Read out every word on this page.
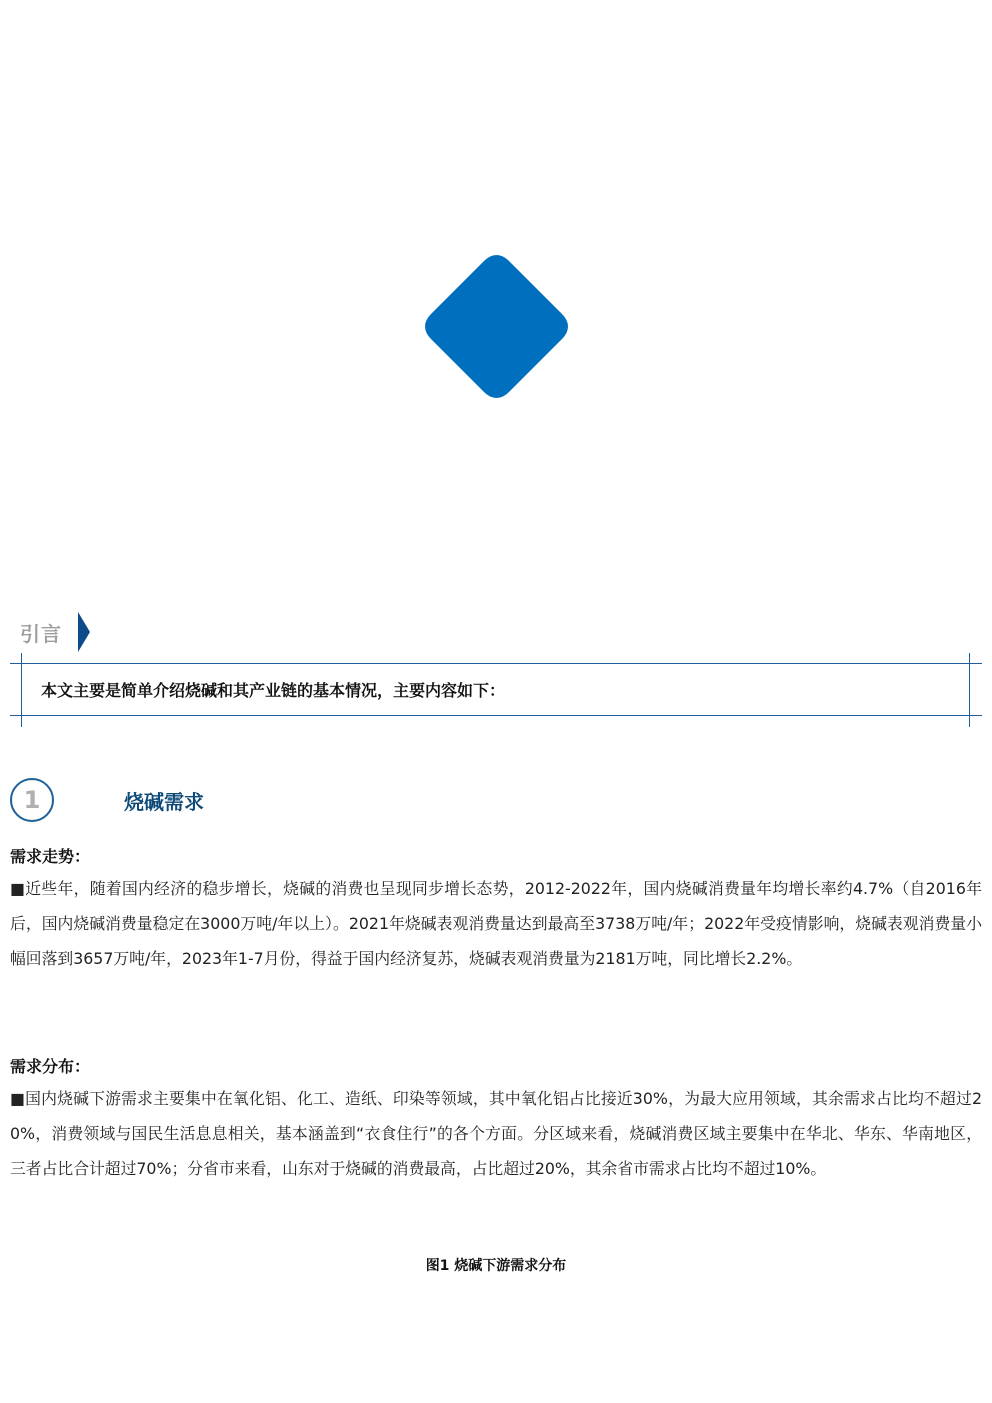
引言
本文主要是简单介绍烧碱和其产业链的基本情况，主要内容如下：
1	烧碱需求
需求走势：
■近些年，随着国内经济的稳步增长，烧碱的消费也呈现同步增长态势，2012-2022年，国内烧碱消费量年均增长率约4.7%（自2016年后，国内烧碱消费量稳定在3000万吨/年以上）。2021年烧碱表观消费量达到最高至3738万吨/年；2022年受疫情影响，烧碱表观消费量小幅回落到3657万吨/年，2023年1-7月份，得益于国内经济复苏，烧碱表观消费量为2181万吨，同比增长2.2%。
需求分布：
■国内烧碱下游需求主要集中在氧化铝、化工、造纸、印染等领域，其中氧化铝占比接近30%，为最大应用领域，其余需求占比均不超过20%，消费领域与国民生活息息相关，基本涵盖到“衣食住行”的各个方面。分区域来看，烧碱消费区域主要集中在华北、华东、华南地区，三者占比合计超过70%；分省市来看，山东对于烧碱的消费最高，占比超过20%，其余省市需求占比均不超过10%。
图1 烧碱下游需求分布
